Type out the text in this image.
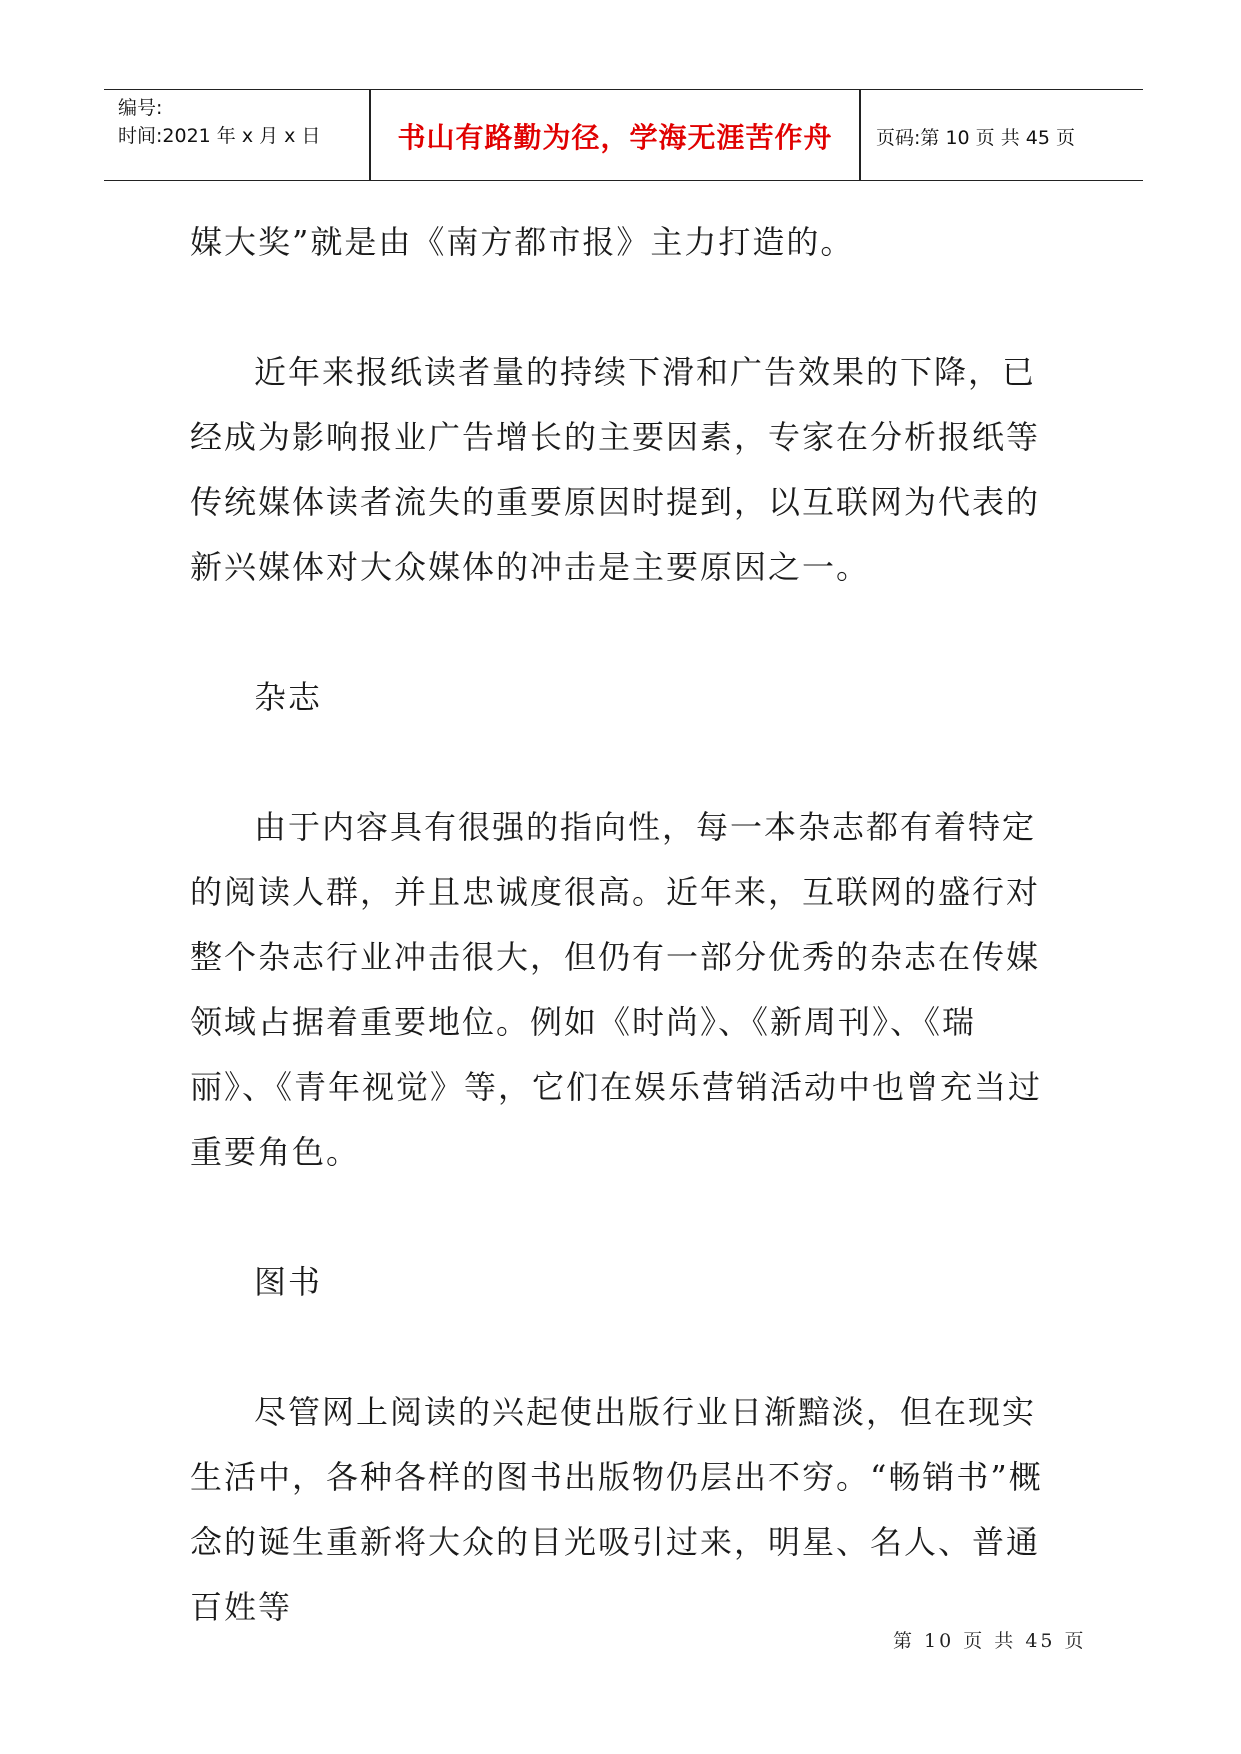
编号:
时间:2021 年 x 月 x 日	书山有路勤为径，学海无涯苦作舟	页码:第 10 页 共 45 页

媒大奖”就是由《南方都市报》主力打造的。

近年来报纸读者量的持续下滑和广告效果的下降，已经成为影响报业广告增长的主要因素，专家在分析报纸等传统媒体读者流失的重要原因时提到，以互联网为代表的新兴媒体对大众媒体的冲击是主要原因之一。

杂志

由于内容具有很强的指向性，每一本杂志都有着特定的阅读人群，并且忠诚度很高。近年来，互联网的盛行对整个杂志行业冲击很大，但仍有一部分优秀的杂志在传媒领域占据着重要地位。例如《时尚》、《新周刊》、《瑞丽》、《青年视觉》等，它们在娱乐营销活动中也曾充当过重要角色。

图书

尽管网上阅读的兴起使出版行业日渐黯淡，但在现实生活中，各种各样的图书出版物仍层出不穷。“畅销书”概念的诞生重新将大众的目光吸引过来，明星、名人、普通百姓等

第 10 页 共 45 页
